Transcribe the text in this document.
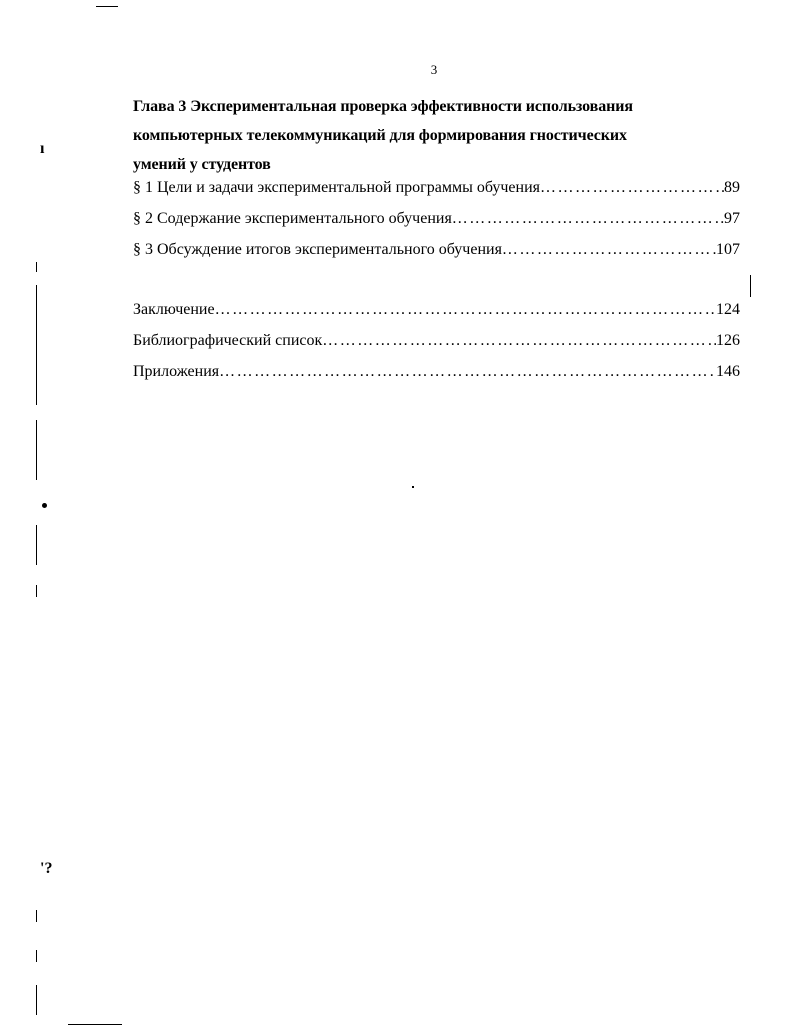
ı
'?
3
Глава 3 Экспериментальная проверка эффективности использования
компьютерных телекоммуникаций для формирования гностических
умений у студентов
§ 1 Цели и задачи экспериментальной программы обучения …………………………………………………………………………………………………………………………………………	89
§ 2 Содержание экспериментального обучения …………………………………………………………………………………………………………………………………………	97
§ 3 Обсуждение итогов экспериментального обучения …………………………………………………………………………………………………………………………………………	107
Заключение …………………………………………………………………………………………………………………………………………	124
Библиографический список …………………………………………………………………………………………………………………………………………	126
Приложения …………………………………………………………………………………………………………………………………………	146
